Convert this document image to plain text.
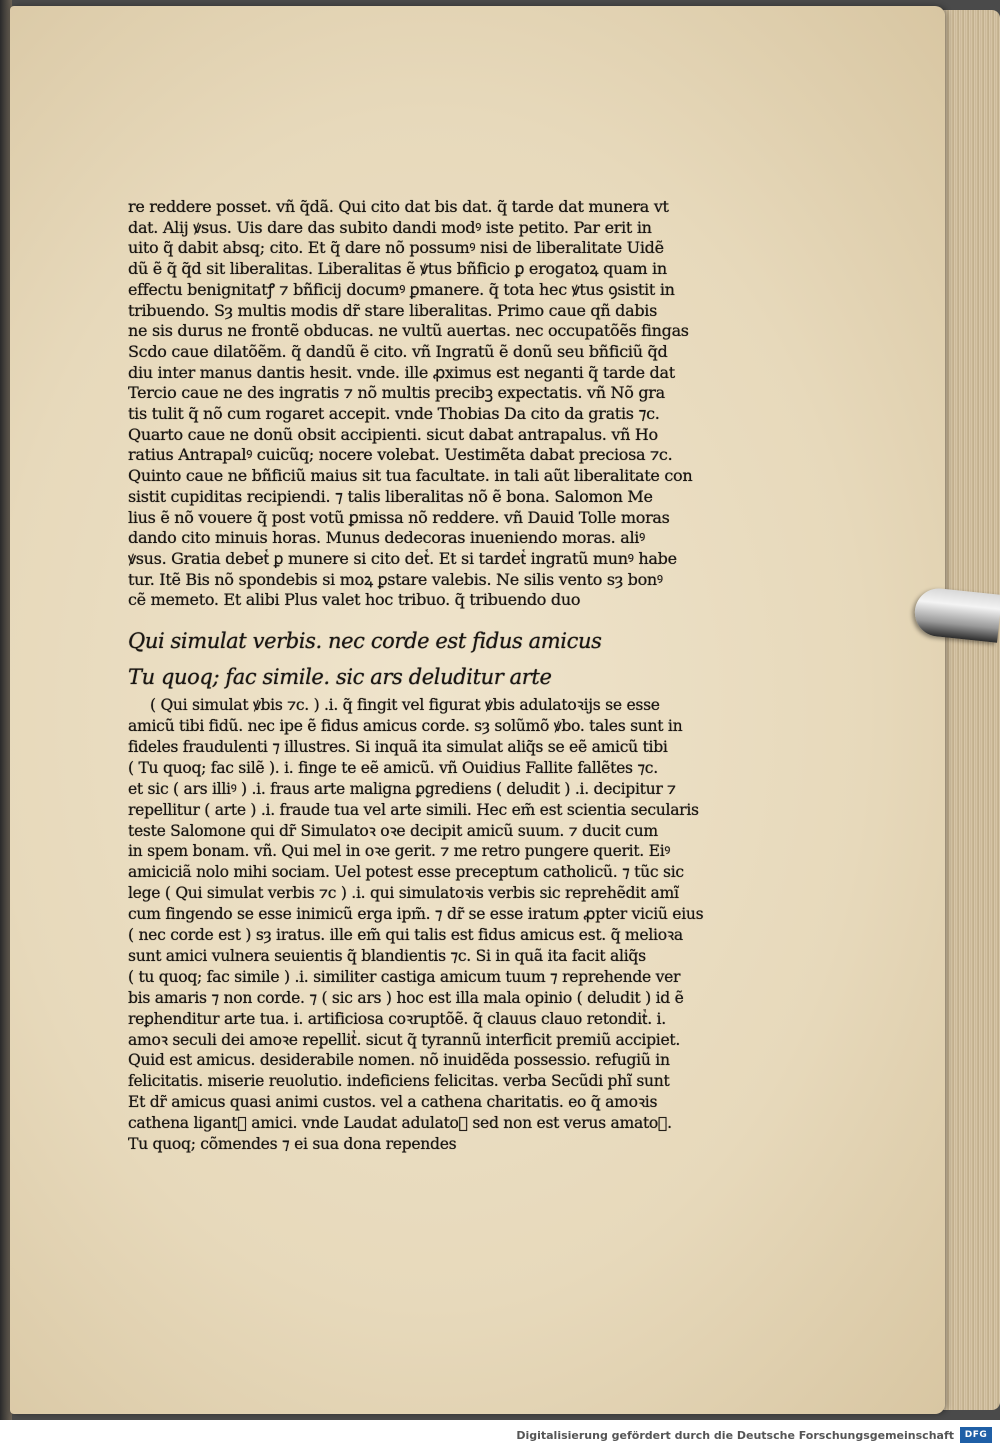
re reddere posset. vñ q̃dã. Qui cito dat bis dat. q̃ tarde dat munera vt
dat. Alij ꝟsus. Uis dare das subito dandi modꝰ iste petito. Par erit in
uito q̃ dabit absq; cito. Et q̃ dare nõ possumꝰ nisi de liberalitate Uidẽ
dũ ẽ q̃ q̃d sit liberalitas. Liberalitas ẽ ꝟtus bñficio ꝑ erogatoꝝ quam in
effectu benignitatꝭ ⁊ bñficij documꝰ ꝑmanere. q̃ tota hec ꝟtus ꝯsistit in
tribuendo. Sȝ multis modis dr̃ stare liberalitas. Primo caue qñ dabis
ne sis durus ne frontẽ obducas. ne vultũ auertas. nec occupatõẽs fingas
Scdo caue dilatõẽm. q̃ dandũ ẽ cito. vñ Ingratũ ẽ donũ seu bñficiũ q̃d
diu inter manus dantis hesit. vnde. ille ꝓximus est neganti q̃ tarde dat
Tercio caue ne des ingratis ⁊ nõ multis precibꝫ expectatis. vñ Nõ gra
tis tulit q̃ nõ cum rogaret accepit. vnde Thobias Da cito da gratis ⁊c.
Quarto caue ne donũ obsit accipienti. sicut dabat antrapalus. vñ Ho
ratius Antrapalꝰ cuicũq; nocere volebat. Uestimẽta dabat preciosa ⁊c.
Quinto caue ne bñficiũ maius sit tua facultate. in tali aũt liberalitate con
sistit cupiditas recipiendi. ⁊ talis liberalitas nõ ẽ bona. Salomon Me
lius ẽ nõ vouere q̃ post votũ ꝑmissa nõ reddere. vñ Dauid Tolle moras
dando cito minuis horas. Munus dedecoras inueniendo moras. aliꝰ
ꝟsus. Gratia debetᷣ ꝑ munere si cito detᷣ. Et si tardetᷣ ingratũ munꝰ habe
tur. Itẽ Bis nõ spondebis si moꝝ ꝑstare valebis. Ne silis vento sȝ bonꝰ
cẽ memeto. Et alibi Plus valet hoc tribuo. q̃ tribuendo duo
Qui simulat verbis. nec corde est fidus amicus
Tu quoq; fac simile. sic ars deluditur arte
( Qui simulat ꝟbis ⁊c. ) .i. q̃ fingit vel figurat ꝟbis adulatoꝛijs se esse
amicũ tibi fidũ. nec ipe ẽ fidus amicus corde. sȝ solũmõ ꝟbo. tales sunt in
fideles fraudulenti ⁊ illustres. Si inquã ita simulat aliq̃s se eẽ amicũ tibi
( Tu quoq; fac silẽ ). i. finge te eẽ amicũ. vñ Ouidius Fallite fallẽtes ⁊c.
et sic ( ars illiꝰ ) .i. fraus arte maligna ꝑgrediens ( deludit ) .i. decipitur ⁊
repellitur ( arte ) .i. fraude tua vel arte simili. Hec em̃ est scientia secularis
teste Salomone qui dr̃ Simulatoꝛ oꝛe decipit amicũ suum. ⁊ ducit cum
in spem bonam. vñ. Qui mel in oꝛe gerit. ⁊ me retro pungere querit. Eiꝰ
amiciciã nolo mihi sociam. Uel potest esse preceptum catholicũ. ⁊ tũc sic
lege ( Qui simulat verbis ⁊c ) .i. qui simulatoꝛis verbis sic reprehẽdit amĩ
cum fingendo se esse inimicũ erga ipm̃. ⁊ dr̃ se esse iratum ꝓpter viciũ eius
( nec corde est ) sȝ iratus. ille em̃ qui talis est fidus amicus est. q̃ melioꝛa
sunt amici vulnera seuientis q̃ blandientis ⁊c. Si in quã ita facit aliq̃s
( tu quoq; fac simile ) .i. similiter castiga amicum tuum ⁊ reprehende ver
bis amaris ⁊ non corde. ⁊ ( sic ars ) hoc est illa mala opinio ( deludit ) id ẽ
reꝑhenditur arte tua. i. artificiosa coꝛruptõẽ. q̃ clauus clauo retonditᷣ. i.
amoꝛ seculi dei amoꝛe repellitᷣ. sicut q̃ tyrannũ interficit premiũ accipiet.
Quid est amicus. desiderabile nomen. nõ inuidẽda possessio. refugiũ in
felicitatis. miserie reuolutio. indeficiens felicitas. verba Secũdi phĩ sunt
Et dr̃ amicus quasi animi custos. vel a cathena charitatis. eo q̃ amoꝛis
cathena ligantᷣ amici. vnde Laudat adulatoꝛ sed non est verus amatoꝛ.
Tu quoq; cõmendes ⁊ ei sua dona rependes
Digitalisierung gefördert durch die Deutsche Forschungsgemeinschaft	DFG
